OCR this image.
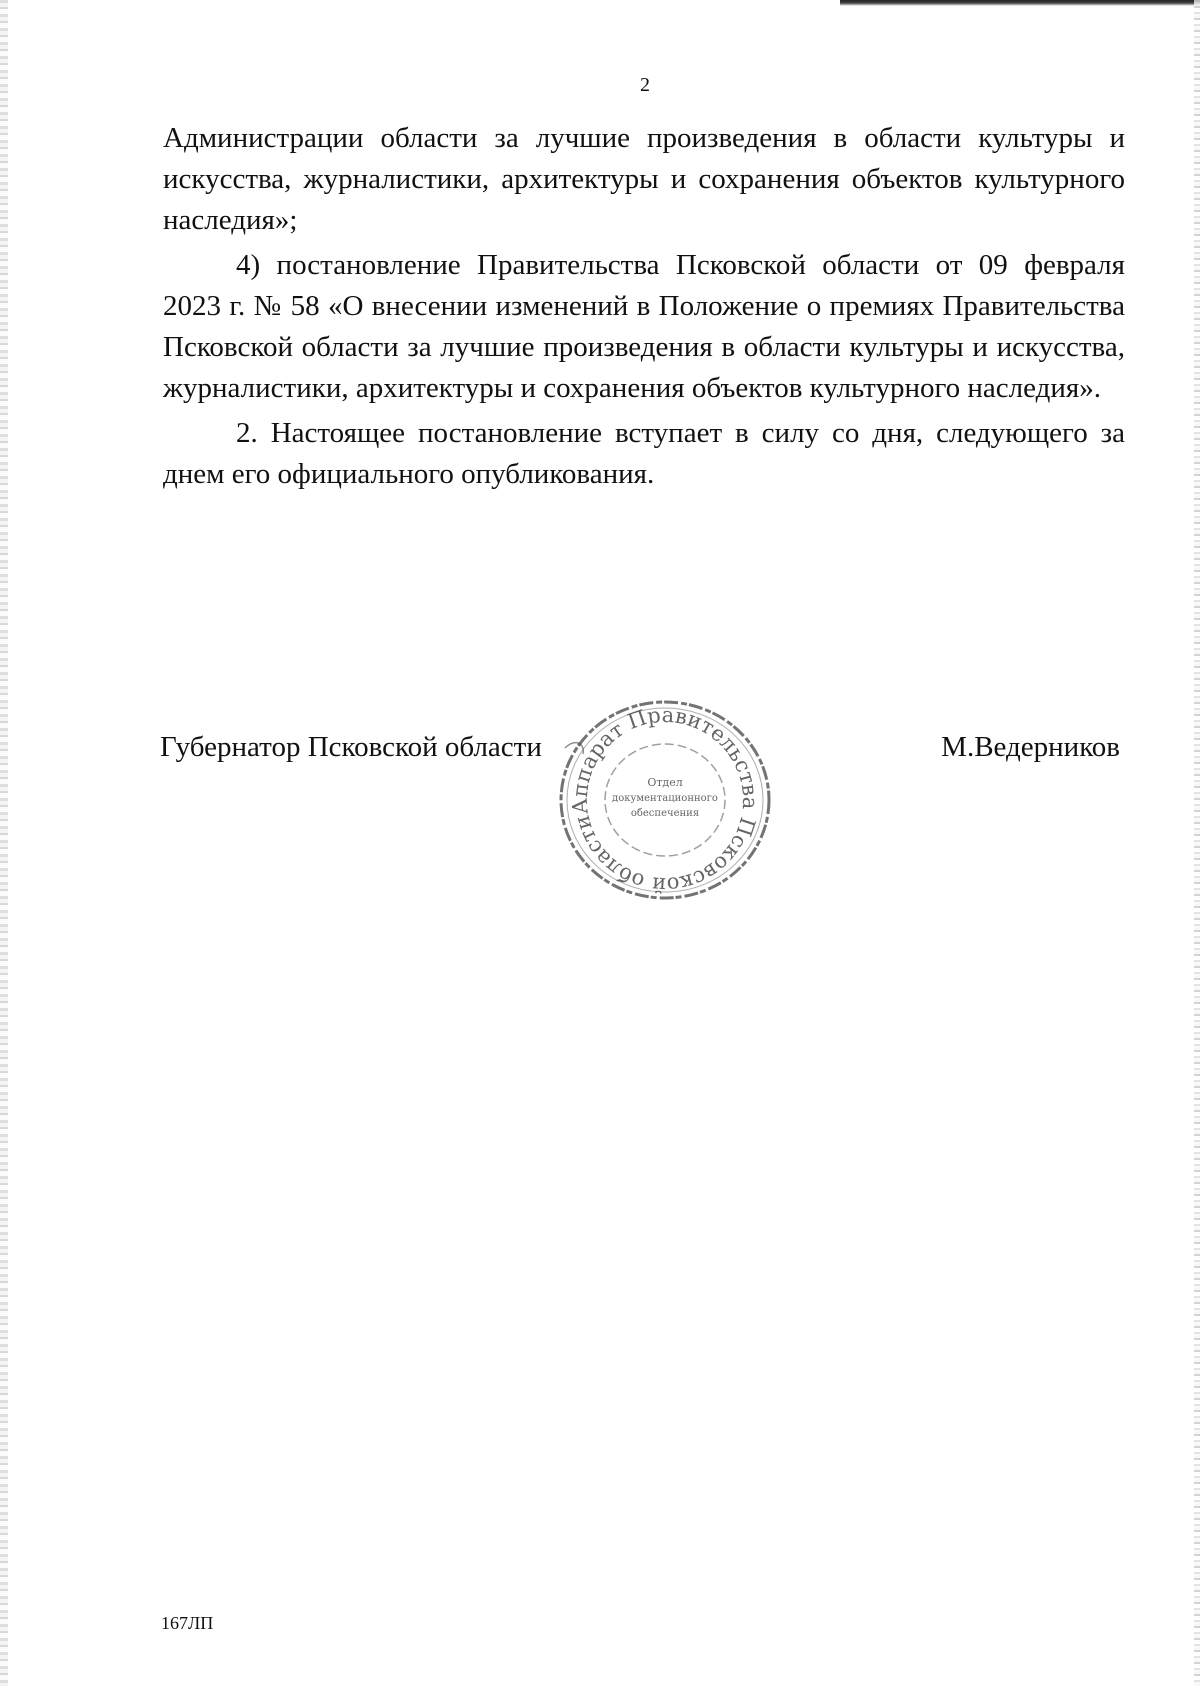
2

Администрации области за лучшие произведения в области культуры и искусства, журналистики, архитектуры и сохранения объектов культурного наследия»;

4) постановление Правительства Псковской области от 09 февраля 2023 г. № 58 «О внесении изменений в Положение о премиях Правительства Псковской области за лучшие произведения в области культуры и искусства, журналистики, архитектуры и сохранения объектов культурного наследия».

2. Настоящее постановление вступает в силу со дня, следующего за днем его официального опубликования.

Губернатор Псковской области	М.Ведерников
Аппарат Правительства Псковской области
Отдел
документационного
обеспечения
167ЛП
